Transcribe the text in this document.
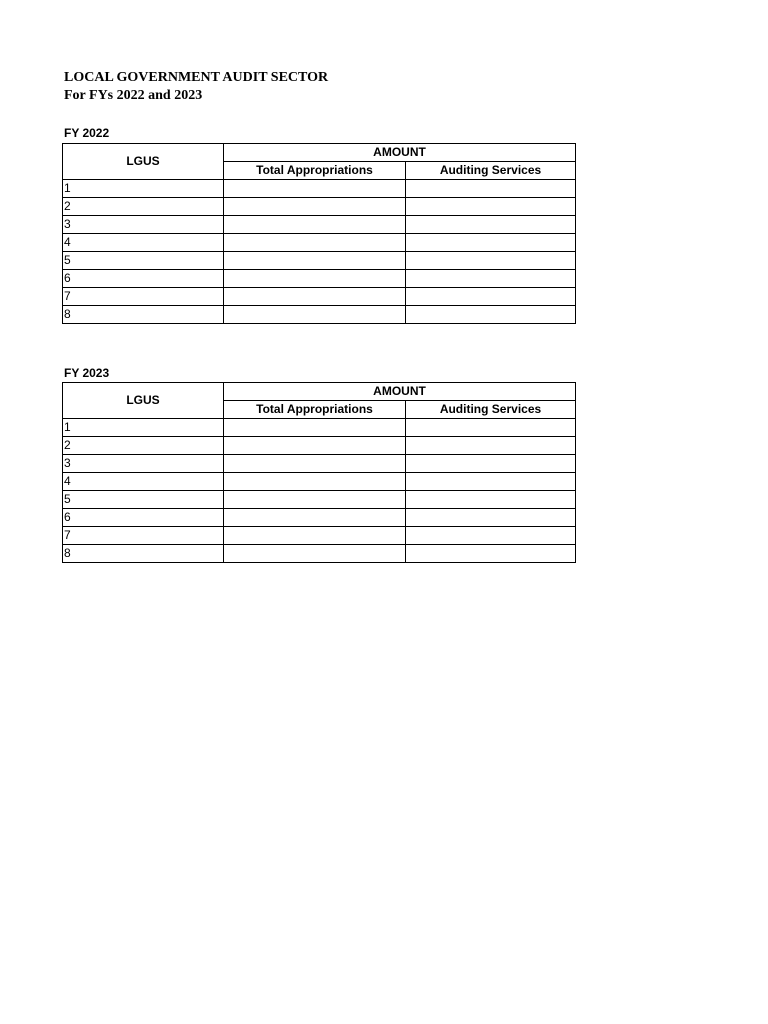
LOCAL GOVERNMENT AUDIT SECTOR
For FYs 2022 and 2023
FY 2022
LGUS	AMOUNT	
	Total Appropriations	Auditing Services
1		
2		
3		
4		
5		
6		
7		
8		
FY 2023
LGUS	AMOUNT	
	Total Appropriations	Auditing Services
1		
2		
3		
4		
5		
6		
7		
8		
